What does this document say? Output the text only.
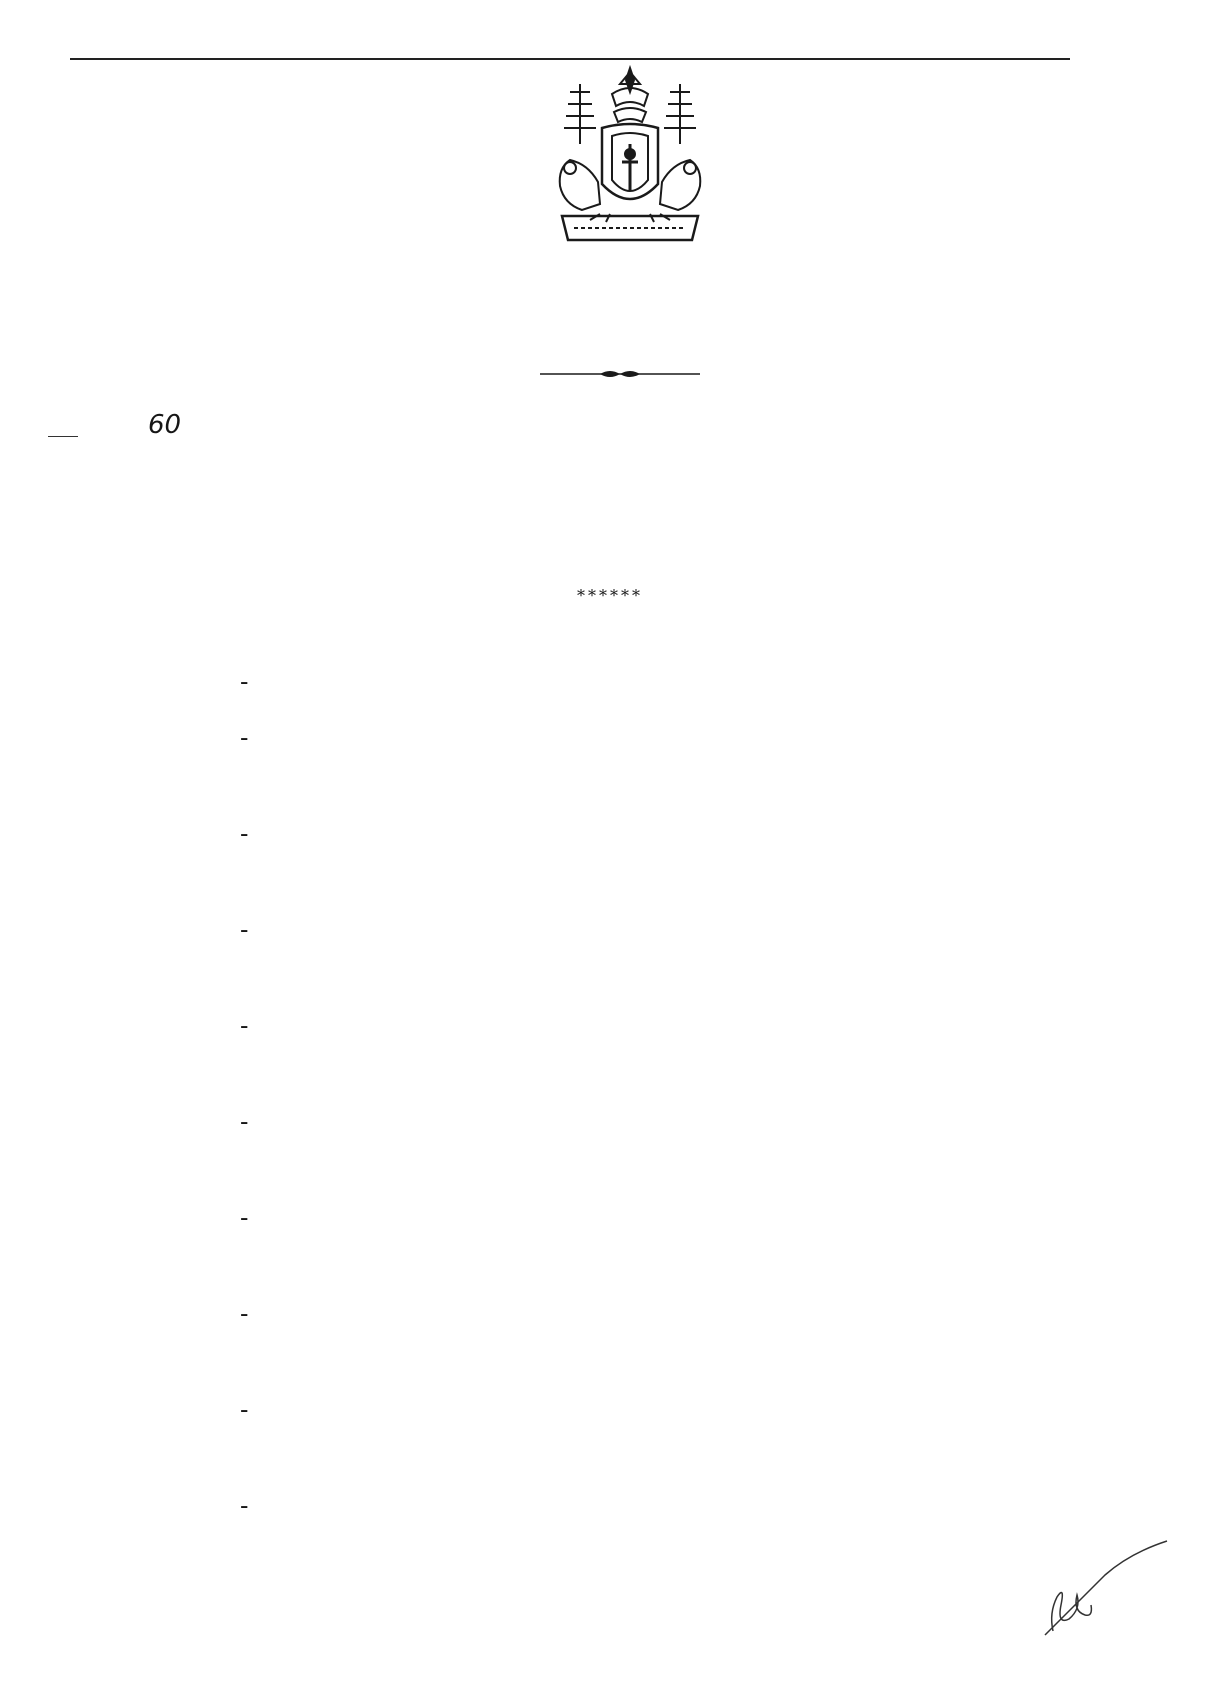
60
******
-
-
-
-
-
-
-
-
-
-
